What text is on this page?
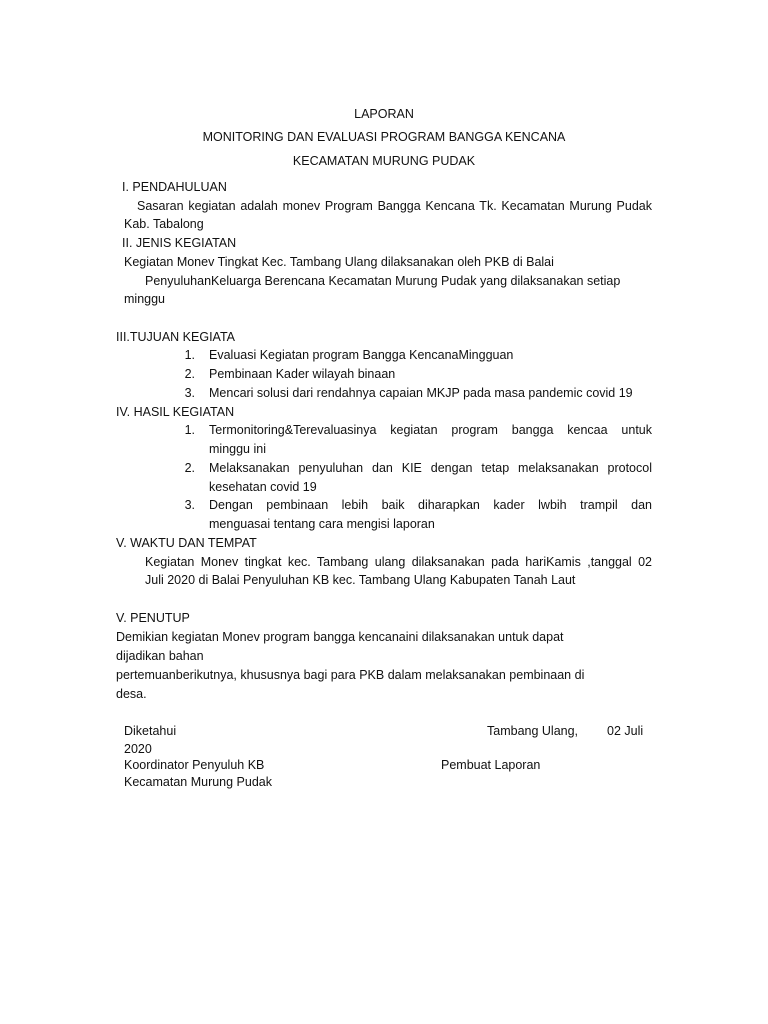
LAPORAN
MONITORING DAN EVALUASI PROGRAM BANGGA KENCANA
KECAMATAN MURUNG PUDAK
I. PENDAHULUAN
Sasaran kegiatan adalah monev Program Bangga Kencana Tk. Kecamatan Murung Pudak
Kab. Tabalong
II. JENIS KEGIATAN
Kegiatan Monev Tingkat Kec. Tambang Ulang dilaksanakan oleh PKB di Balai
PenyuluhanKeluarga Berencana Kecamatan Murung Pudak yang dilaksanakan setiap
minggu
III.TUJUAN KEGIATA
1. Evaluasi Kegiatan program Bangga KencanaMingguan
2. Pembinaan Kader wilayah binaan
3. Mencari solusi dari rendahnya capaian MKJP pada masa pandemic covid 19
IV. HASIL KEGIATAN
1. Termonitoring&Terevaluasinya kegiatan program bangga kencaa untuk
minggu ini
2. Melaksanakan penyuluhan dan KIE dengan tetap melaksanakan protocol
kesehatan covid 19
3. Dengan pembinaan lebih baik diharapkan kader lwbih trampil dan
menguasai tentang cara mengisi laporan
V. WAKTU DAN TEMPAT
Kegiatan Monev tingkat kec. Tambang ulang dilaksanakan pada hariKamis ,tanggal 02
Juli 2020 di Balai Penyuluhan KB kec. Tambang Ulang Kabupaten Tanah Laut
V. PENUTUP
Demikian kegiatan Monev program bangga kencanaini dilaksanakan untuk dapat
dijadikan bahan
pertemuanberikutnya, khususnya bagi para PKB dalam melaksanakan pembinaan di
desa.
Diketahui	Tambang Ulang, 02 Juli
2020
Koordinator Penyuluh KB	Pembuat Laporan
Kecamatan Murung Pudak
